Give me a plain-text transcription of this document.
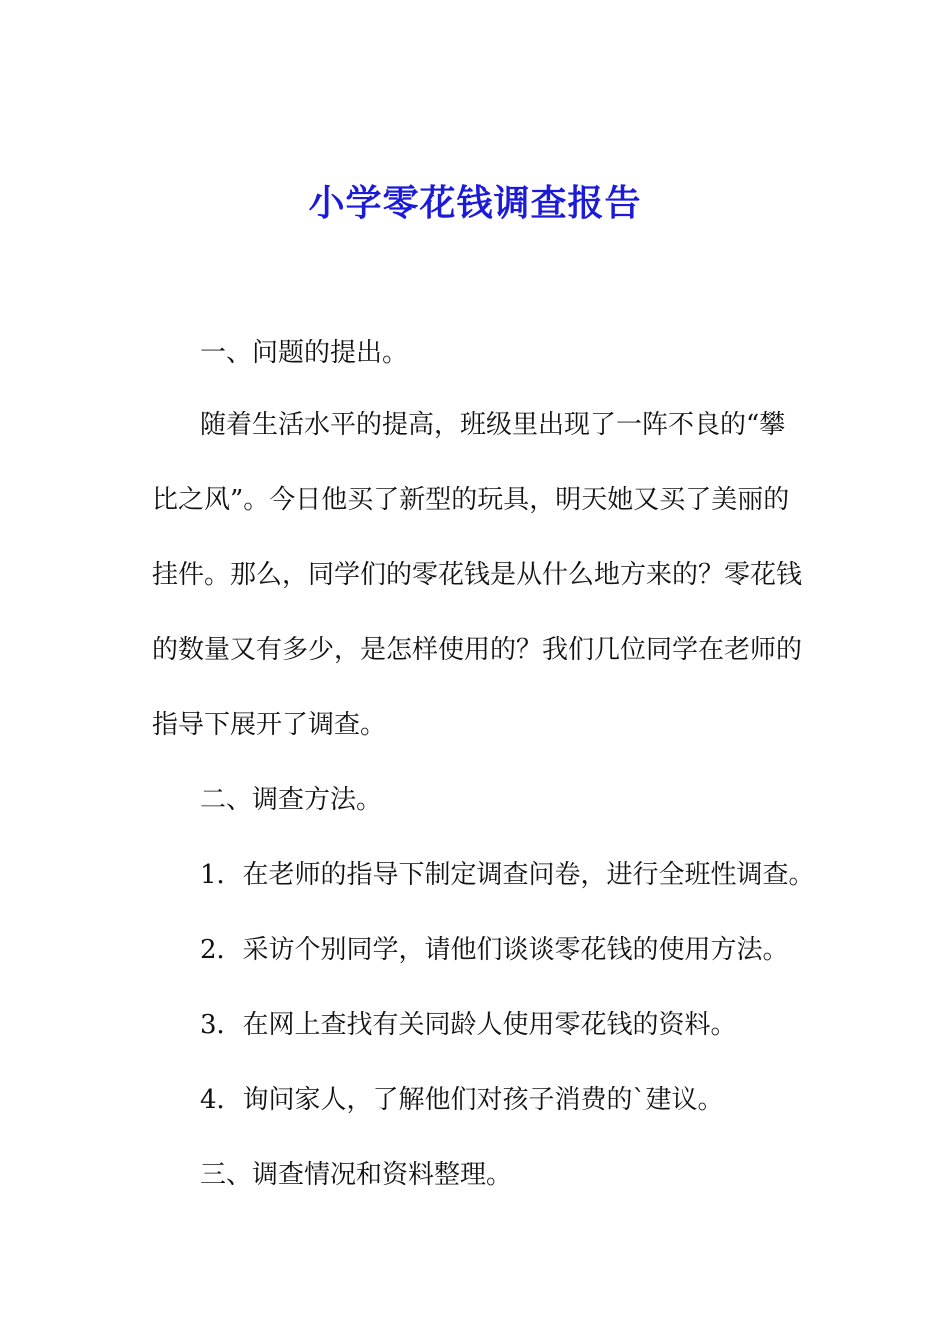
小学零花钱调查报告
一、问题的提出。
随着生活水平的提高，班级里出现了一阵不良的“攀
比之风”。今日他买了新型的玩具，明天她又买了美丽的
挂件。那么，同学们的零花钱是从什么地方来的？零花钱
的数量又有多少，是怎样使用的？我们几位同学在老师的
指导下展开了调查。
二、调查方法。
1．在老师的指导下制定调查问卷，进行全班性调查。
2．采访个别同学，请他们谈谈零花钱的使用方法。
3．在网上查找有关同龄人使用零花钱的资料。
4．询问家人，了解他们对孩子消费的`建议。
三、调查情况和资料整理。
